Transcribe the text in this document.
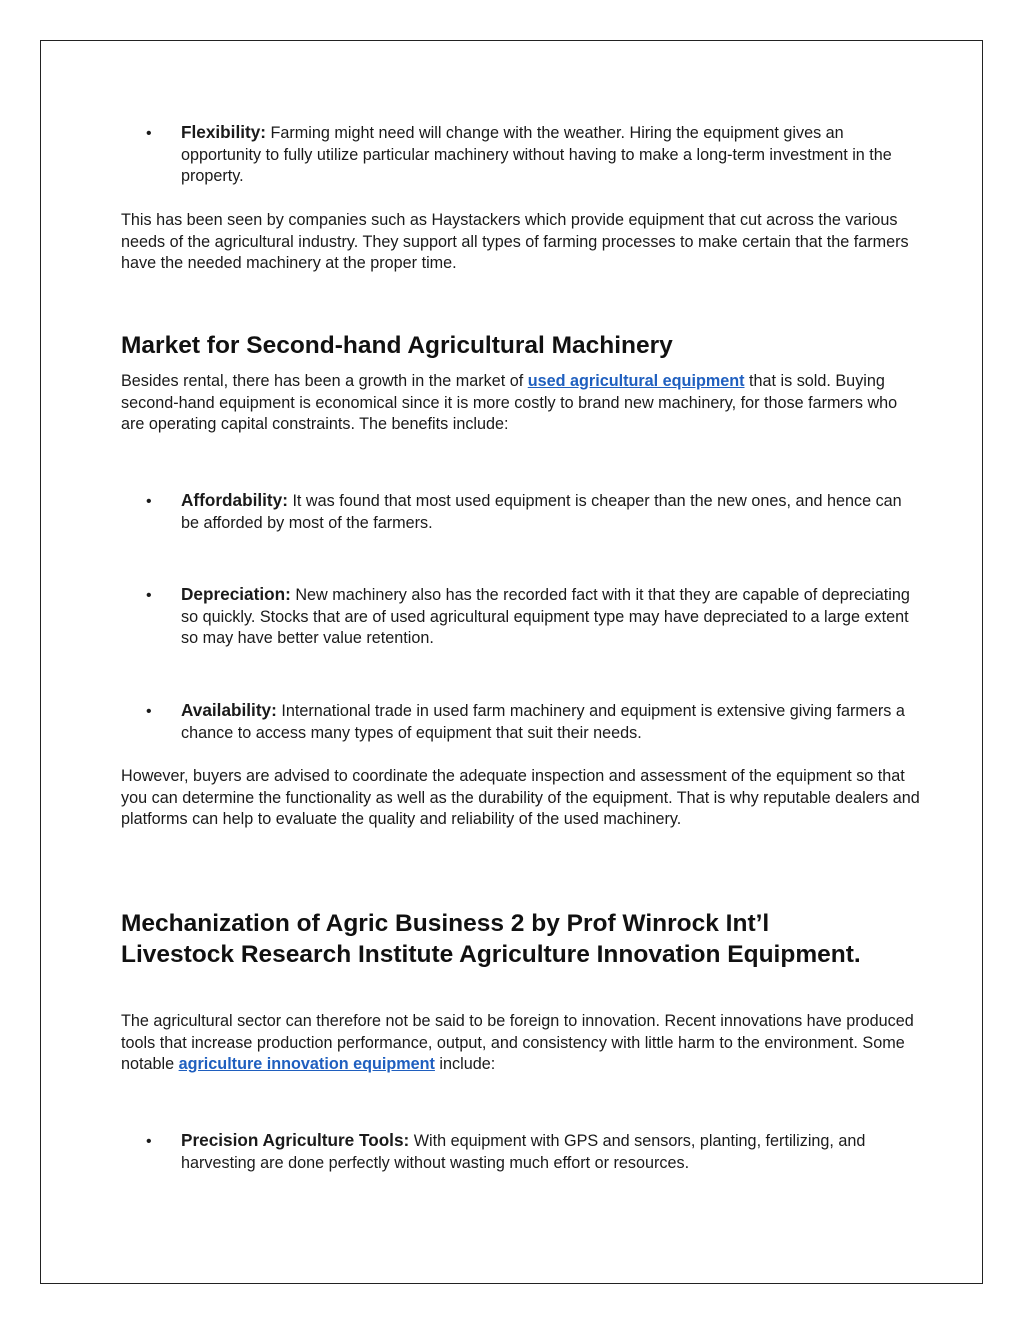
• Flexibility: Farming might need will change with the weather. Hiring the equipment gives an opportunity to fully utilize particular machinery without having to make a long-term investment in the property.
This has been seen by companies such as Haystackers which provide equipment that cut across the various needs of the agricultural industry. They support all types of farming processes to make certain that the farmers have the needed machinery at the proper time.
Market for Second-hand Agricultural Machinery
Besides rental, there has been a growth in the market of used agricultural equipment that is sold. Buying second-hand equipment is economical since it is more costly to brand new machinery, for those farmers who are operating capital constraints. The benefits include:
• Affordability: It was found that most used equipment is cheaper than the new ones, and hence can be afforded by most of the farmers.
• Depreciation: New machinery also has the recorded fact with it that they are capable of depreciating so quickly. Stocks that are of used agricultural equipment type may have depreciated to a large extent so may have better value retention.
• Availability: International trade in used farm machinery and equipment is extensive giving farmers a chance to access many types of equipment that suit their needs.
However, buyers are advised to coordinate the adequate inspection and assessment of the equipment so that you can determine the functionality as well as the durability of the equipment. That is why reputable dealers and platforms can help to evaluate the quality and reliability of the used machinery.
Mechanization of Agric Business 2 by Prof Winrock Int’l Livestock Research Institute Agriculture Innovation Equipment.
The agricultural sector can therefore not be said to be foreign to innovation. Recent innovations have produced tools that increase production performance, output, and consistency with little harm to the environment. Some notable agriculture innovation equipment include:
• Precision Agriculture Tools: With equipment with GPS and sensors, planting, fertilizing, and harvesting are done perfectly without wasting much effort or resources.
